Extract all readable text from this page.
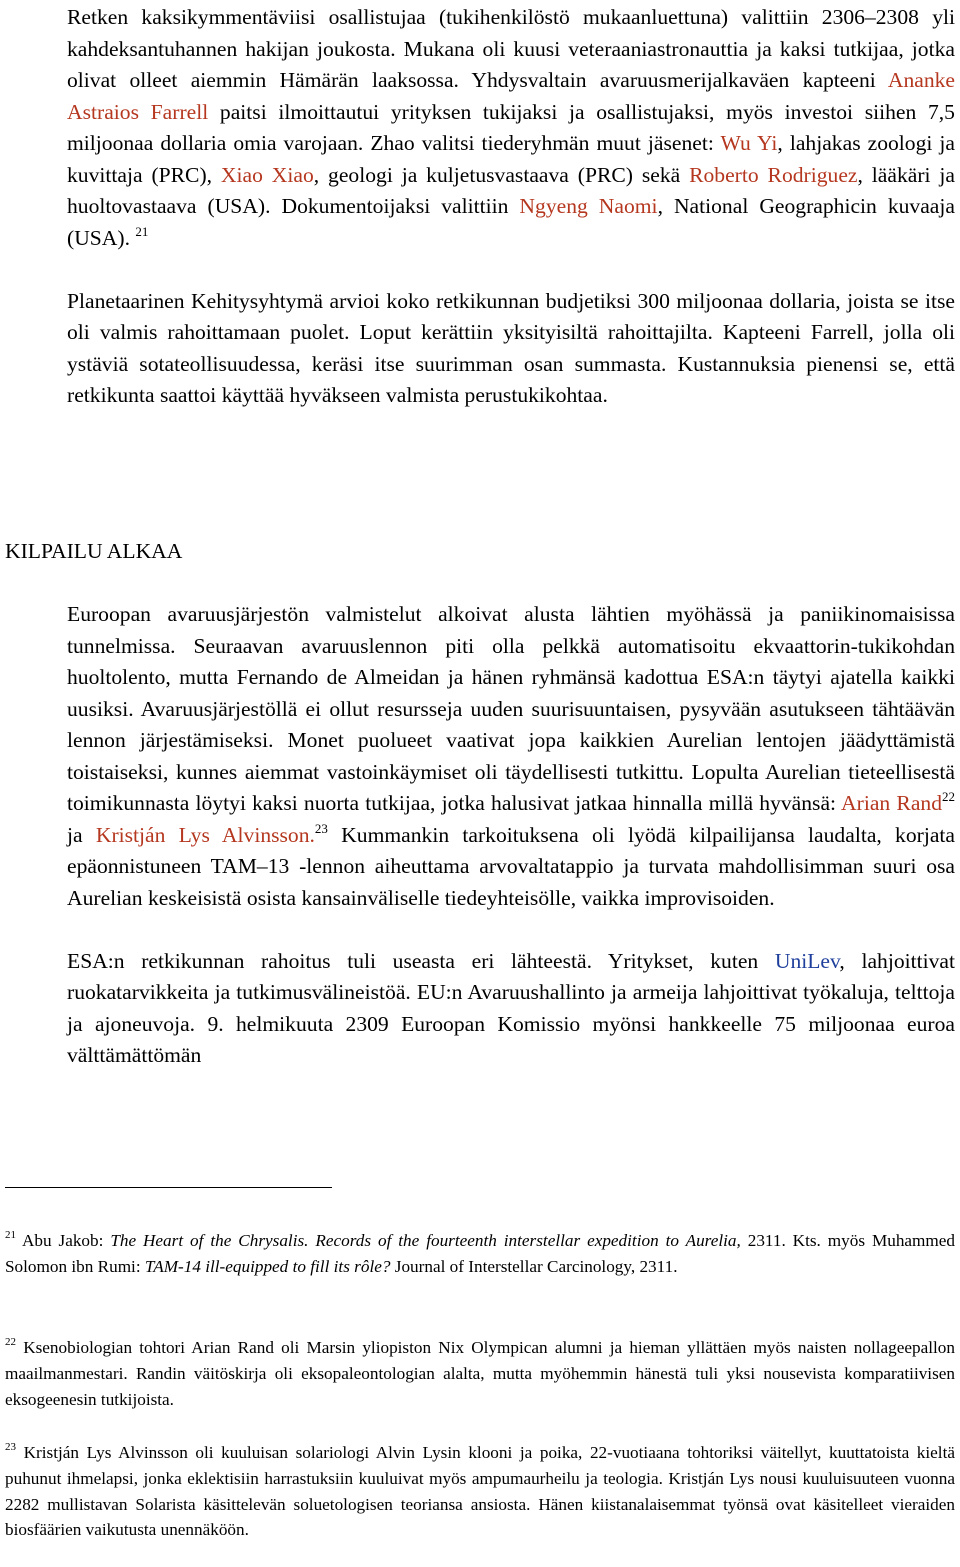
Retken kaksikymmentäviisi osallistujaa (tukihenkilöstö mukaanluettuna) valittiin 2306–2308 yli kahdeksantuhannen hakijan joukosta. Mukana oli kuusi veteraaniastronauttia ja kaksi tutkijaa, jotka olivat olleet aiemmin Hämärän laaksossa. Yhdysvaltain avaruusmerijalkaväen kapteeni Ananke Astraios Farrell paitsi ilmoittautui yrityksen tukijaksi ja osallistujaksi, myös investoi siihen 7,5 miljoonaa dollaria omia varojaan. Zhao valitsi tiederyhmän muut jäsenet: Wu Yi, lahjakas zoologi ja kuvittaja (PRC), Xiao Xiao, geologi ja kuljetusvastaava (PRC) sekä Roberto Rodriguez, lääkäri ja huoltovastaava (USA). Dokumentoijaksi valittiin Ngyeng Naomi, National Geographicin kuvaaja (USA). $^{21}$

Planetaarinen Kehitysyhtymä arvioi koko retkikunnan budjetiksi 300 miljoonaa dollaria, joista se itse oli valmis rahoittamaan puolet. Loput kerättiin yksityisiltä rahoittajilta. Kapteeni Farrell, jolla oli ystäviä sotateollisuudessa, keräsi itse suurimman osan summasta. Kustannuksia pienensi se, että retkikunta saattoi käyttää hyväkseen valmista perustukikohtaa.

KILPAILU ALKAA

Euroopan avaruusjärjestön valmistelut alkoivat alusta lähtien myöhässä ja paniikinomaisissa tunnelmissa. Seuraavan avaruuslennon piti olla pelkkä automatisoitu ekvaattorin-tukikohdan huoltolento, mutta Fernando de Almeidan ja hänen ryhmänsä kadottua ESA:n täytyi ajatella kaikki uusiksi. Avaruusjärjestöllä ei ollut resursseja uuden suurisuuntaisen, pysyvään asutukseen tähtäävän lennon järjestämiseksi. Monet puolueet vaativat jopa kaikkien Aurelian lentojen jäädyttämistä toistaiseksi, kunnes aiemmat vastoinkäymiset oli täydellisesti tutkittu. Lopulta Aurelian tieteellisestä toimikunnasta löytyi kaksi nuorta tutkijaa, jotka halusivat jatkaa hinnalla millä hyvänsä: Arian Rand$^{22}$ ja Kristján Lys Alvinsson.$^{23}$ Kummankin tarkoituksena oli lyödä kilpailijansa laudalta, korjata epäonnistuneen TAM–13 -lennon aiheuttama arvovaltatappio ja turvata mahdollisimman suuri osa Aurelian keskeisistä osista kansainväliselle tiedeyhteisölle, vaikka improvisoiden.

ESA:n retkikunnan rahoitus tuli useasta eri lähteestä. Yritykset, kuten UniLev, lahjoittivat ruokatarvikkeita ja tutkimusvälineistöä. EU:n Avaruushallinto ja armeija lahjoittivat työkaluja, telttoja ja ajoneuvoja. 9. helmikuuta 2309 Euroopan Komissio myönsi hankkeelle 75 miljoonaa euroa välttämättömän

$^{21}$ Abu Jakob: The Heart of the Chrysalis. Records of the fourteenth interstellar expedition to Aurelia, 2311. Kts. myös Muhammed Solomon ibn Rumi: TAM-14 ill-equipped to fill its rôle? Journal of Interstellar Carcinology, 2311.

$^{22}$ Ksenobiologian tohtori Arian Rand oli Marsin yliopiston Nix Olympican alumni ja hieman yllättäen myös naisten nollageepallon maailmanmestari. Randin väitöskirja oli eksopaleontologian alalta, mutta myöhemmin hänestä tuli yksi nousevista komparatiivisen eksogeenesin tutkijoista.

$^{23}$ Kristján Lys Alvinsson oli kuuluisan solariologi Alvin Lysin klooni ja poika, 22-vuotiaana tohtoriksi väitellyt, kuuttatoista kieltä puhunut ihmelapsi, jonka eklektisiin harrastuksiin kuuluivat myös ampumaurheilu ja teologia. Kristján Lys nousi kuuluisuuteen vuonna 2282 mullistavan Solarista käsittelevän soluetologisen teoriansa ansiosta. Hänen kiistanalaisemmat työnsä ovat käsitelleet vieraiden biosfäärien vaikutusta unennäköön.
